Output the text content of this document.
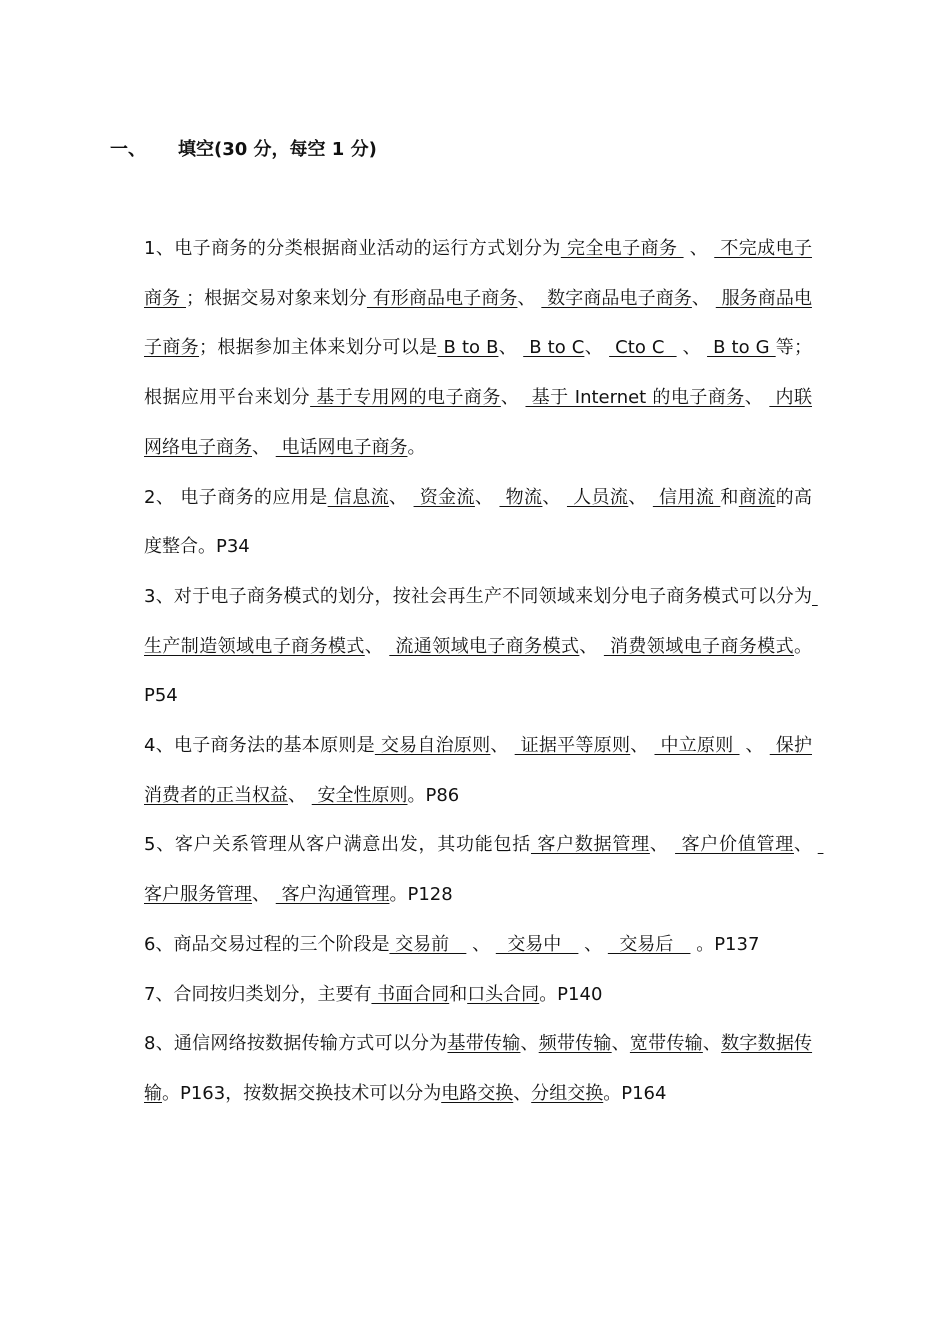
一、 填空(30 分，每空 1 分)

1、电子商务的分类根据商业活动的运行方式划分为 完全电子商务  、  不完成电子商务 ；根据交易对象来划分 有形商品电子商务、  数字商品电子商务、  服务商品电子商务；根据参加主体来划分可以是 B to B、  B to C、  Cto C   、  B to G 等；根据应用平台来划分 基于专用网的电子商务、  基于 Internet 的电子商务、  内联网络电子商务、  电话网电子商务。

2、 电子商务的应用是 信息流、  资金流、  物流、  人员流、  信用流 和商流的高度整合。P34

3、对于电子商务模式的划分，按社会再生产不同领域来划分电子商务模式可以分为 生产制造领域电子商务模式、  流通领域电子商务模式、  消费领域电子商务模式。P54

4、电子商务法的基本原则是 交易自治原则、  证据平等原则、  中立原则  、  保护消费者的正当权益、  安全性原则。P86

5、客户关系管理从客户满意出发，其功能包括 客户数据管理、  客户价值管理、  客户服务管理、  客户沟通管理。P128

6、商品交易过程的三个阶段是 交易前    、   交易中    、   交易后    。P137

7、合同按归类划分，主要有 书面合同和口头合同。P140

8、通信网络按数据传输方式可以分为基带传输、频带传输、宽带传输、数字数据传输。P163，按数据交换技术可以分为电路交换、分组交换。P164
